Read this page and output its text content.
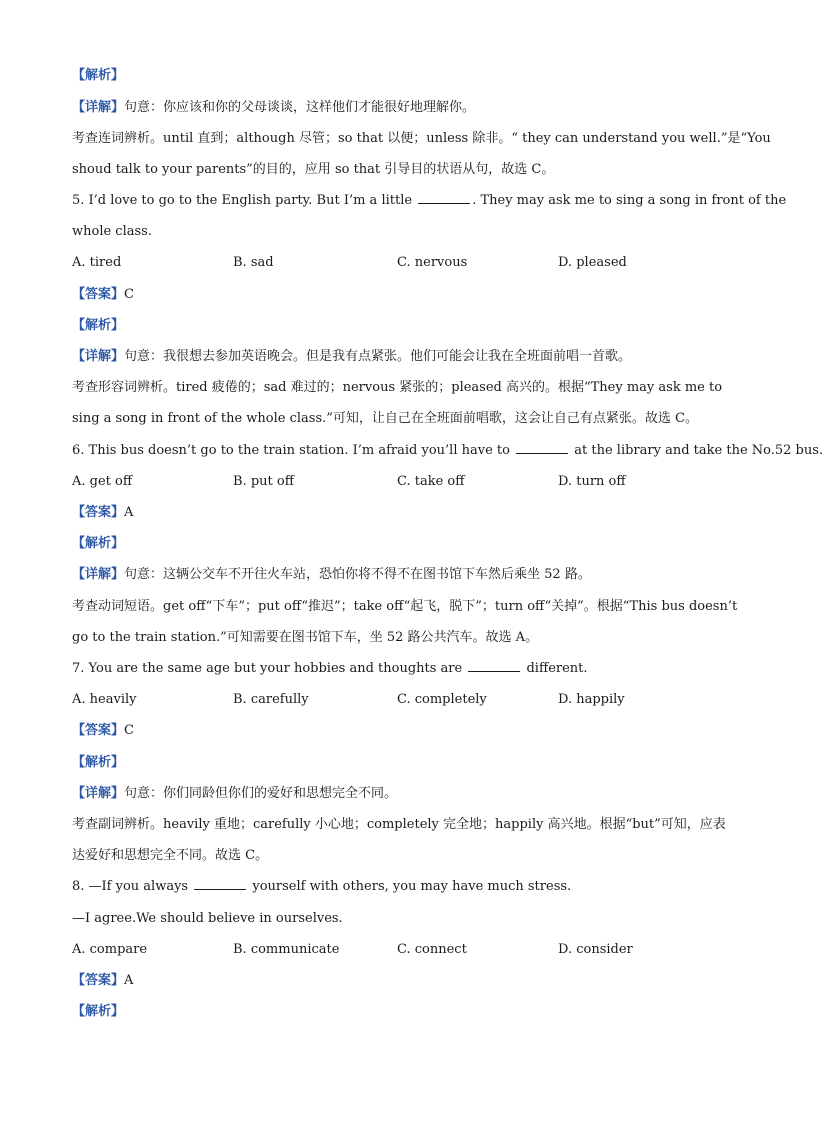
【解析】
【详解】句意：你应该和你的父母谈谈，这样他们才能很好地理解你。
考查连词辨析。until 直到；although 尽管；so that 以便；unless 除非。“ they can understand you well.”是“You
shoud talk to your parents”的目的，应用 so that 引导目的状语从句，故选 C。
5. I’d love to go to the English party. But I’m a little	. They may ask me to sing a song in front of the
whole class.
A. tired	B. sad	C. nervous	D. pleased
【答案】C
【解析】
【详解】句意：我很想去参加英语晚会。但是我有点紧张。他们可能会让我在全班面前唱一首歌。
考查形容词辨析。tired 疲倦的；sad 难过的；nervous 紧张的；pleased 高兴的。根据“They may ask me to
sing a song in front of the whole class.”可知，让自己在全班面前唱歌，这会让自己有点紧张。故选 C。
6. This bus doesn’t go to the train station. I’m afraid you’ll have to	at the library and take the No.52 bus.
A. get off	B. put off	C. take off	D. turn off
【答案】A
【解析】
【详解】句意：这辆公交车不开往火车站，恐怕你将不得不在图书馆下车然后乘坐 52 路。
考查动词短语。get off“下车”；put off“推迟”；take off“起飞，脱下”；turn off“关掉”。根据“This bus doesn’t
go to the train station.”可知需要在图书馆下车，坐 52 路公共汽车。故选 A。
7. You are the same age but your hobbies and thoughts are	different.
A. heavily	B. carefully	C. completely	D. happily
【答案】C
【解析】
【详解】句意：你们同龄但你们的爱好和思想完全不同。
考查副词辨析。heavily 重地；carefully 小心地；completely 完全地；happily 高兴地。根据“but”可知，应表
达爱好和思想完全不同。故选 C。
8. —If you always	yourself with others, you may have much stress.
—I agree.We should believe in ourselves.
A. compare	B. communicate	C. connect	D. consider
【答案】A
【解析】
